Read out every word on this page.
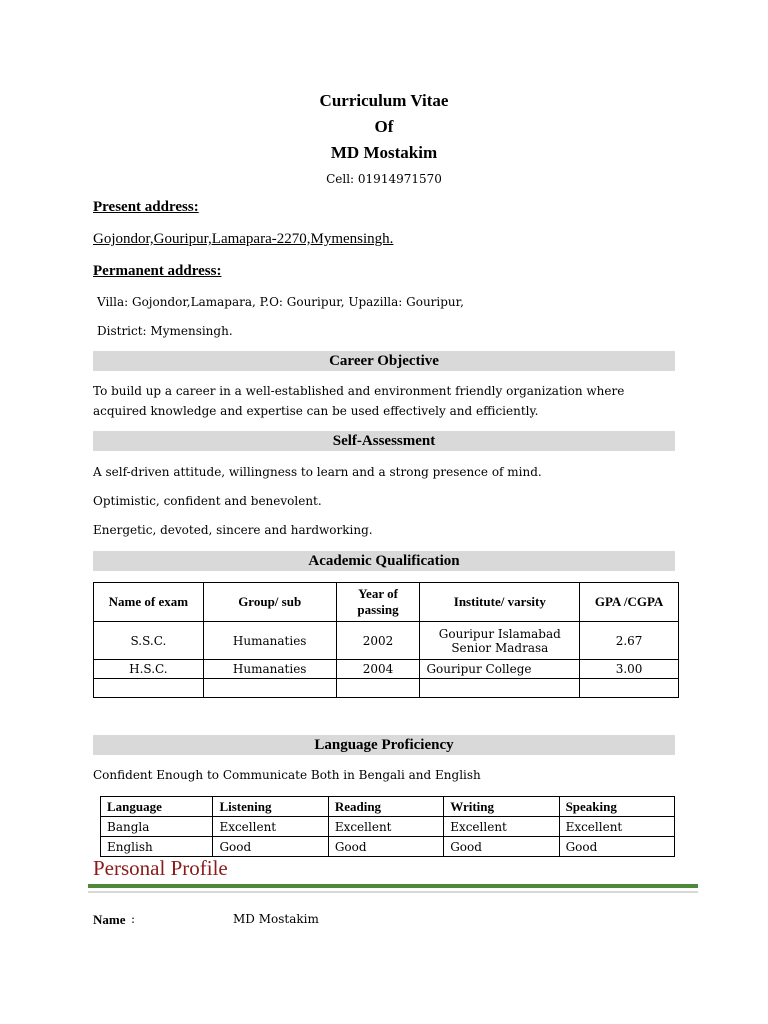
Curriculum Vitae
Of
MD Mostakim
Cell: 01914971570
Present address:
Gojondor,Gouripur,Lamapara-2270,Mymensingh.
Permanent address:
Villa: Gojondor,Lamapara, P.O: Gouripur, Upazilla: Gouripur,
District: Mymensingh.
Career Objective
To build up a career in a well-established and environment friendly organization where acquired knowledge and expertise can be used effectively and efficiently.
Self-Assessment
A self-driven attitude, willingness to learn and a strong presence of mind.
Optimistic, confident and benevolent.
Energetic, devoted, sincere and hardworking.
Academic Qualification
Name of exam	Group/ sub	Year of passing	Institute/ varsity	GPA /CGPA
S.S.C.	Humanaties	2002	Gouripur Islamabad Senior Madrasa	2.67
H.S.C.	Humanaties	2004	Gouripur College	3.00

Language Proficiency
Confident Enough to Communicate Both in Bengali and English
Language	Listening	Reading	Writing	Speaking
Bangla	Excellent	Excellent	Excellent	Excellent
English	Good	Good	Good	Good
Personal Profile
Name :	MD Mostakim
